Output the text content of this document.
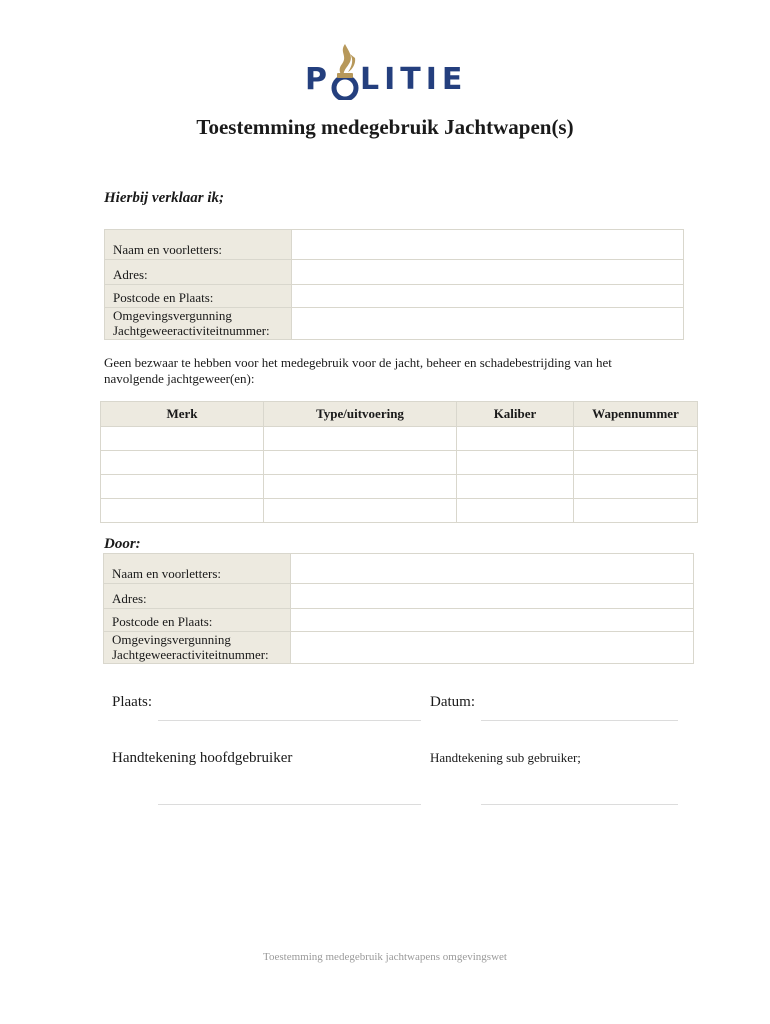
P LITIE
Toestemming medegebruik Jachtwapen(s)
Hierbij verklaar ik;
Naam en voorletters:	
Adres:	
Postcode en Plaats:	
Omgevingsvergunning Jachtgeweeractiviteitnummer:	
Geen bezwaar te hebben voor het medegebruik voor de jacht, beheer en schadebestrijding van het navolgende jachtgeweer(en):
Merk	Type/uitvoering	Kaliber	Wapennummer

Door:
Naam en voorletters:	
Adres:	
Postcode en Plaats:	
Omgevingsvergunning Jachtgeweeractiviteitnummer:	
Plaats:	Datum:
Handtekening hoofdgebruiker	Handtekening sub gebruiker;
Toestemming medegebruik jachtwapens omgevingswet
